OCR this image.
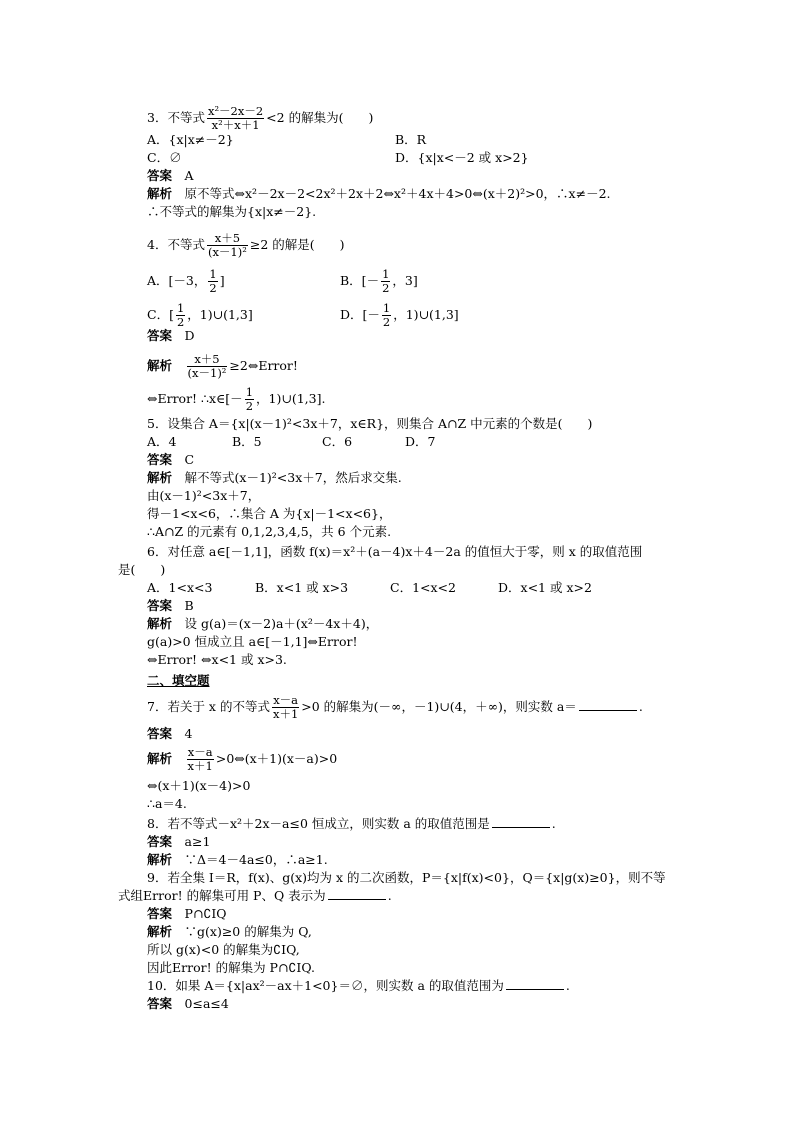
3．不等式 $\frac{\text{x²－2x－2}}{\text{x²＋x＋1}} <2$ 的解集为(　　)
A．{x|x≠－2}	B．R
C．∅	D．{x|x<－2 或 x>2}
答案　 A
解析　 原不等式⇔x²－2x－2<2x²＋2x＋2⇔x²＋4x＋4>0⇔(x＋2)²>0，∴x≠－2.
∴不等式的解集为{x|x≠－2}.
4．不等式 $\frac{x+5}{\text{(x－1)²}} \ge 2$ 的解是(　　)
A．[－3， $\frac{1}{2}$ ]	B．[－ $\frac{1}{2}$ ，3]
C．[ $\frac{1}{2}$ ，1)∪(1,3]	D．[－ $\frac{1}{2}$ ，1)∪(1,3]
答案　 D
解析　 $\frac{x+5}{\text{(x－1)²}}$ ≥2⇔Error!
⇔Error! ∴x∈[－ $\frac{1}{2}$ ，1)∪(1,3].
5．设集合 A＝{x|(x－1)²<3x＋7，x∈R}，则集合 A∩Z 中元素的个数是(　　)
A．4	B．5	C．6	D．7
答案　 C
解析　 解不等式(x－1)²<3x＋7，然后求交集.
由(x－1)²<3x＋7，
得－1<x<6，∴集合 A 为{x|－1<x<6}，
∴A∩Z 的元素有 0,1,2,3,4,5，共 6 个元素.
6．对任意 a∈[－1,1]，函数 f(x)＝x²＋(a－4)x＋4－2a 的值恒大于零，则 x 的取值范围
是(　　)
A．1<x<3	B．x<1 或 x>3	C．1<x<2	D．x<1 或 x>2
答案　 B
解析　 设 g(a)＝(x－2)a＋(x²－4x＋4)，
g(a)>0 恒成立且 a∈[－1,1]⇔Error!
⇔Error! ⇔x<1 或 x>3.
二、填空题
7．若关于 x 的不等式 $\frac{x-a}{x+1} >0$ 的解集为(－∞，－1)∪(4，＋∞)，则实数 a＝	.
答案　 4
解析　 $\frac{x-a}{x+1}$ >0⇔(x＋1)(x－a)>0
⇔(x＋1)(x－4)>0
∴a＝4.
8．若不等式－x²＋2x－a≤0 恒成立，则实数 a 的取值范围是	.
答案　 a≥1
解析　 ∵Δ＝4－4a≤0，∴a≥1.
9．若全集 I＝R，f(x)、g(x)均为 x 的二次函数，P＝{x|f(x)<0}，Q＝{x|g(x)≥0}，则不等
式组Error! 的解集可用 P、Q 表示为	.
答案　 P∩∁IQ
解析　 ∵g(x)≥0 的解集为 Q,
所以 g(x)<0 的解集为∁IQ,
因此Error! 的解集为 P∩∁IQ.
10．如果 A＝{x|ax²－ax＋1<0}＝∅，则实数 a 的取值范围为	.
答案　 0≤a≤4
